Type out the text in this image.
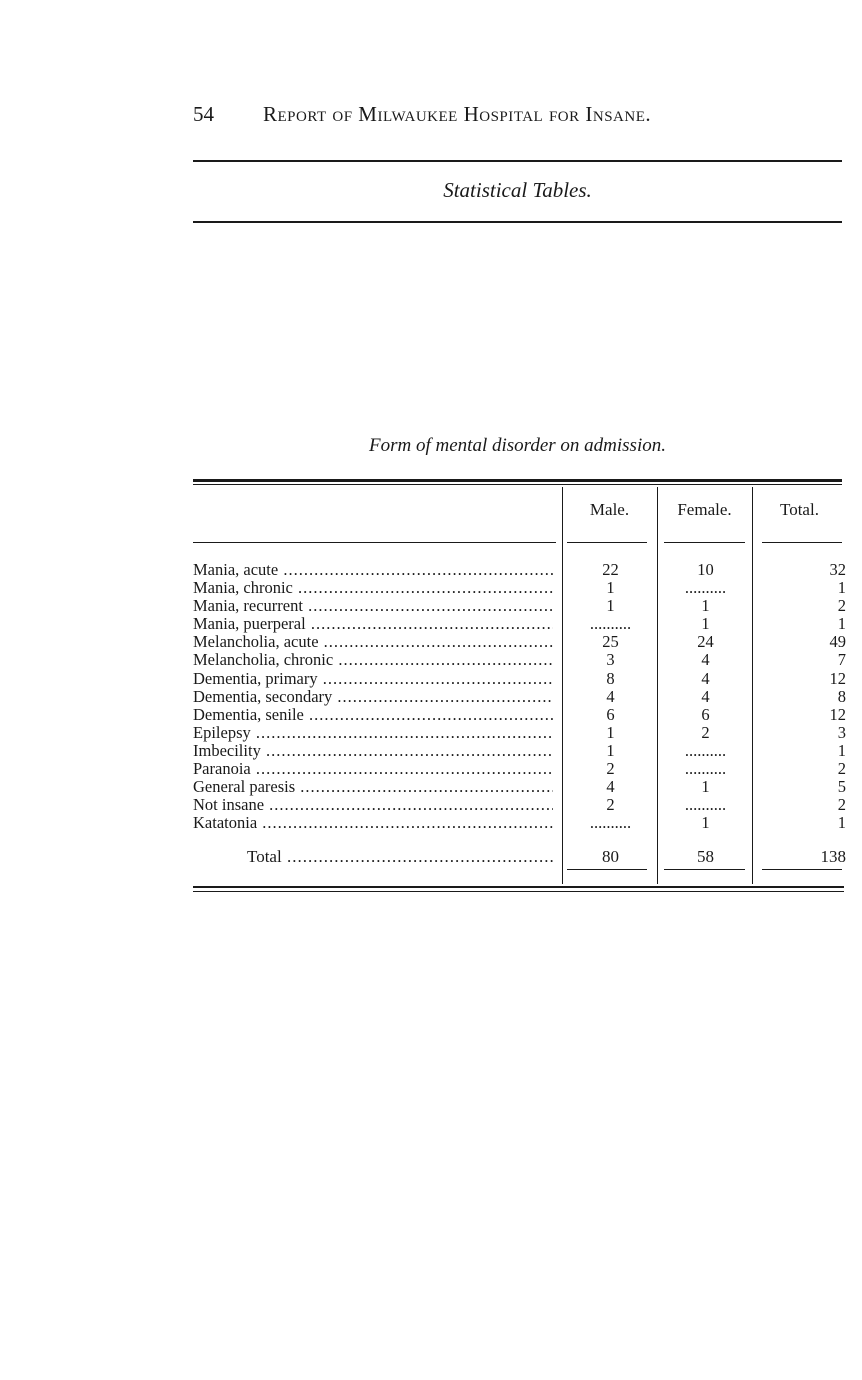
54 Report of Milwaukee Hospital for Insane.
Statistical Tables.
Form of mental disorder on admission.
Male.	Female.	Total.
Mania, acute .....	22	10	32
Mania, chronic .....	1	..........	1
Mania, recurrent .....	1	1	2
Mania, puerperal .....	..........	1	1
Melancholia, acute .....	25	24	49
Melancholia, chronic .....	3	4	7
Dementia, primary .....	8	4	12
Dementia, secondary .....	4	4	8
Dementia, senile .....	6	6	12
Epilepsy .....	1	2	3
Imbecility .....	1	..........	1
Paranoia .....	2	..........	2
General paresis .....	4	1	5
Not insane .....	2	..........	2
Katatonia .....	..........	1	1
Total .....	80	58	138
